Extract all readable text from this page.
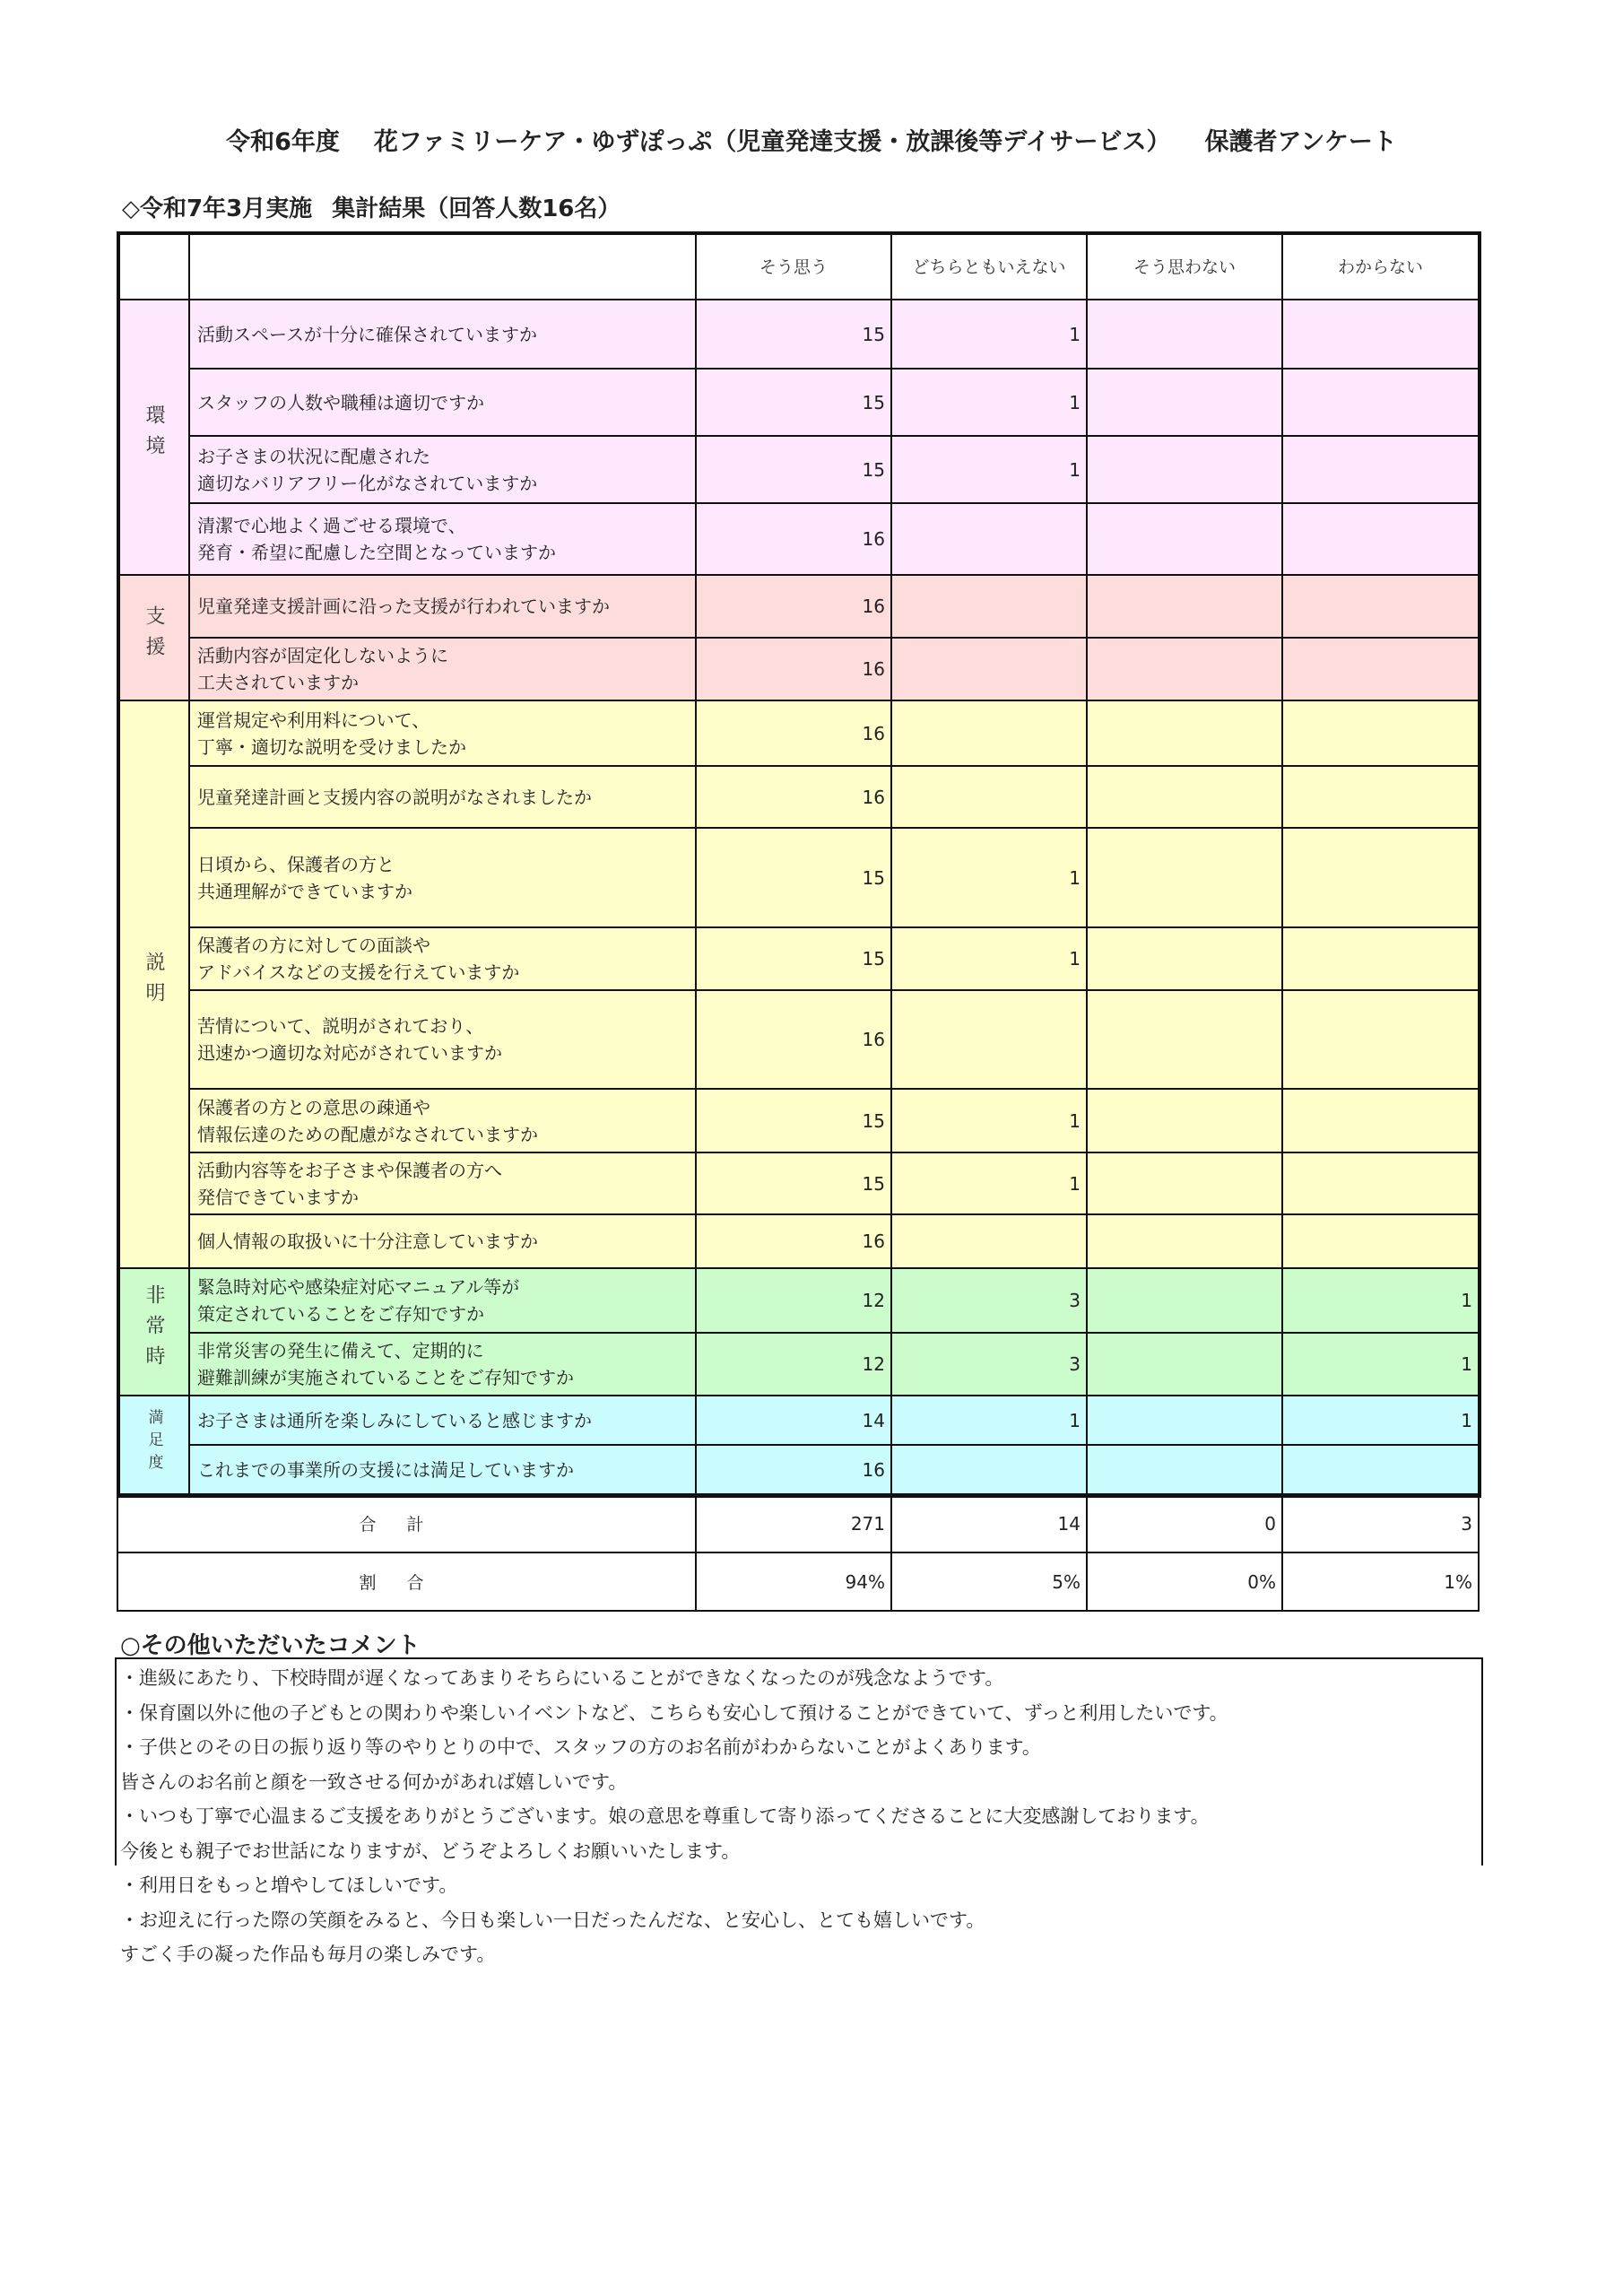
令和6年度 花ファミリーケア・ゆずぽっぷ（児童発達支援・放課後等デイサービス） 保護者アンケート
◇令和7年3月実施 集計結果（回答人数16名）
		そう思う	どちらともいえない	そう思わない	わからない
環境	活動スペースが十分に確保されていますか	15	1		

	スタッフの人数や職種は適切ですか	15	1		

	お子さまの状況に配慮された
適切なバリアフリー化がなされていますか	15	1		

	清潔で心地よく過ごせる環境で、
発育・希望に配慮した空間となっていますか	16			
支援	児童発達支援計画に沿った支援が行われていますか	16			

	活動内容が固定化しないように
工夫されていますか	16			
説明	運営規定や利用料について、
丁寧・適切な説明を受けましたか	16			

	児童発達計画と支援内容の説明がなされましたか	16			

	日頃から、保護者の方と
共通理解ができていますか	15	1		

	保護者の方に対しての面談や
アドバイスなどの支援を行えていますか	15	1		

	苦情について、説明がされており、
迅速かつ適切な対応がされていますか	16			

	保護者の方との意思の疎通や
情報伝達のための配慮がなされていますか	15	1		

	活動内容等をお子さまや保護者の方へ
発信できていますか	15	1		

	個人情報の取扱いに十分注意していますか	16			
非常時	緊急時対応や感染症対応マニュアル等が
策定されていることをご存知ですか	12	3		1

	非常災害の発生に備えて、定期的に
避難訓練が実施されていることをご存知ですか	12	3		1
満足度	お子さまは通所を楽しみにしていると感じますか	14	1		1

	これまでの事業所の支援には満足していますか	16			
合計		271	14	0	3
割合		94%	5%	0%	1%
○その他いただいたコメント
・進級にあたり、下校時間が遅くなってあまりそちらにいることができなくなったのが残念なようです。
・保育園以外に他の子どもとの関わりや楽しいイベントなど、こちらも安心して預けることができていて、ずっと利用したいです。
・子供とのその日の振り返り等のやりとりの中で、スタッフの方のお名前がわからないことがよくあります。
皆さんのお名前と顔を一致させる何かがあれば嬉しいです。
・いつも丁寧で心温まるご支援をありがとうございます。娘の意思を尊重して寄り添ってくださることに大変感謝しております。
今後とも親子でお世話になりますが、どうぞよろしくお願いいたします。
・利用日をもっと増やしてほしいです。
・お迎えに行った際の笑顔をみると、今日も楽しい一日だったんだな、と安心し、とても嬉しいです。
すごく手の凝った作品も毎月の楽しみです。
